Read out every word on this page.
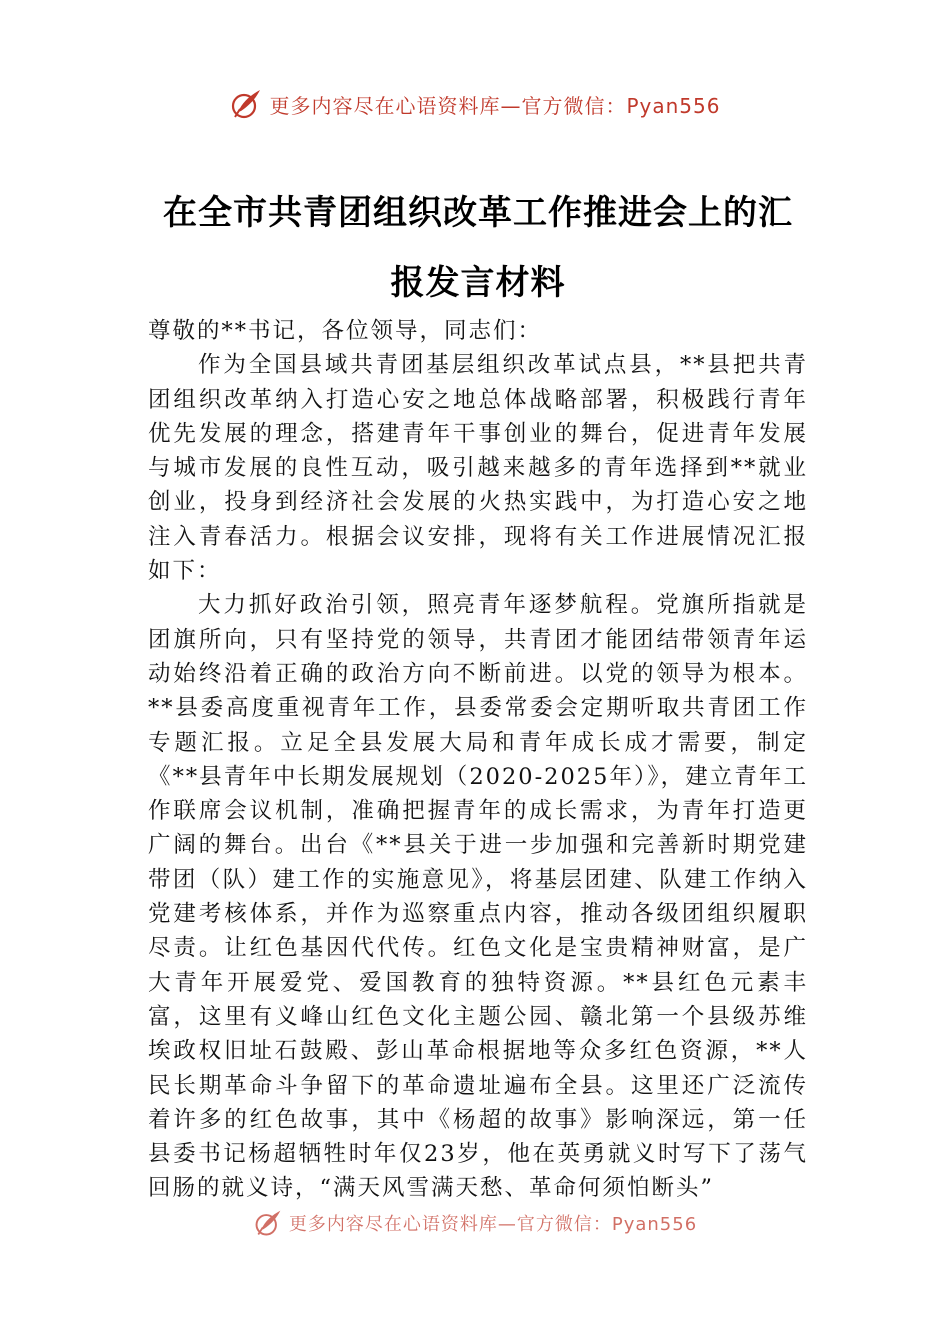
更多内容尽在心语资料库—官方微信：Pyan556
在全市共青团组织改革工作推进会上的汇
报发言材料

尊敬的**书记，各位领导，同志们：

作为全国县域共青团基层组织改革试点县，**县把共青团组织改革纳入打造心安之地总体战略部署，积极践行青年优先发展的理念，搭建青年干事创业的舞台，促进青年发展与城市发展的良性互动，吸引越来越多的青年选择到**就业创业，投身到经济社会发展的火热实践中，为打造心安之地注入青春活力。根据会议安排，现将有关工作进展情况汇报如下：

大力抓好政治引领，照亮青年逐梦航程。党旗所指就是团旗所向，只有坚持党的领导，共青团才能团结带领青年运动始终沿着正确的政治方向不断前进。以党的领导为根本。**县委高度重视青年工作，县委常委会定期听取共青团工作专题汇报。立足全县发展大局和青年成长成才需要，制定《**县青年中长期发展规划（2020-2025年）》，建立青年工作联席会议机制，准确把握青年的成长需求，为青年打造更广阔的舞台。出台《**县关于进一步加强和完善新时期党建带团（队）建工作的实施意见》，将基层团建、队建工作纳入党建考核体系，并作为巡察重点内容，推动各级团组织履职尽责。让红色基因代代传。红色文化是宝贵精神财富，是广大青年开展爱党、爱国教育的独特资源。**县红色元素丰富，这里有义峰山红色文化主题公园、赣北第一个县级苏维埃政权旧址石鼓殿、彭山革命根据地等众多红色资源，**人民长期革命斗争留下的革命遗址遍布全县。这里还广泛流传着许多的红色故事，其中《杨超的故事》影响深远，第一任县委书记杨超牺牲时年仅23岁，他在英勇就义时写下了荡气回肠的就义诗，“满天风雪满天愁、革命何须怕断头”

更多内容尽在心语资料库—官方微信：Pyan556
